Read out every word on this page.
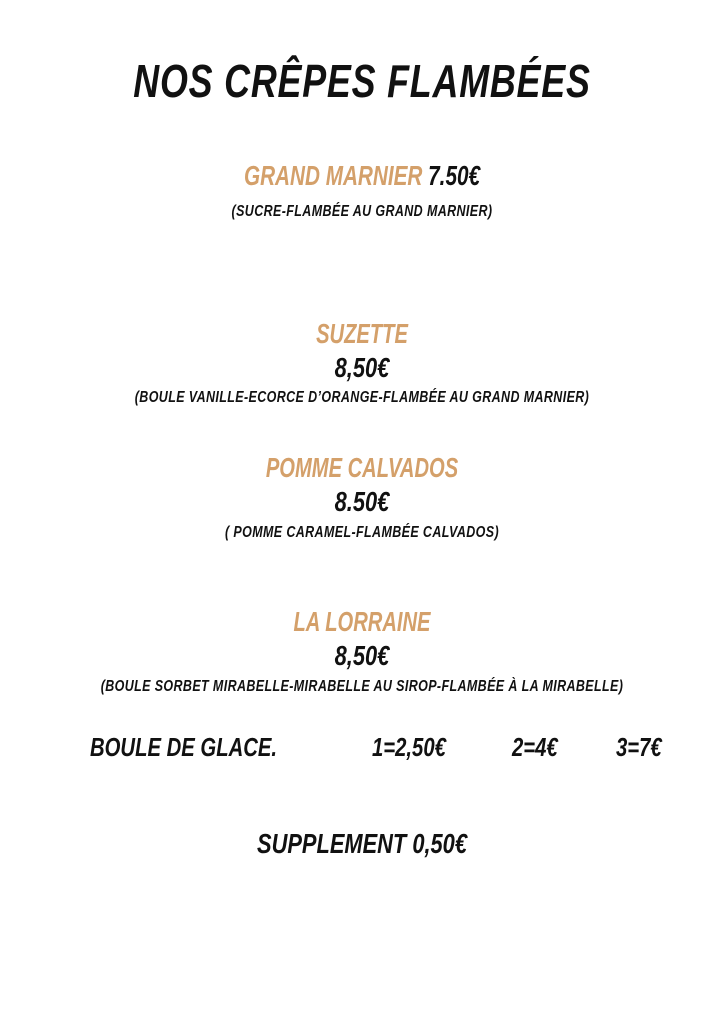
NOS CRÊPES FLAMBÉES
GRAND MARNIER 7.50€
(SUCRE-FLAMBÉE AU GRAND MARNIER)
SUZETTE
8,50€
(BOULE VANILLE-ECORCE D’ORANGE-FLAMBÉE AU GRAND MARNIER)
POMME CALVADOS
8.50€
( POMME CARAMEL-FLAMBÉE CALVADOS)
LA LORRAINE
8,50€
(BOULE SORBET MIRABELLE-MIRABELLE AU SIROP-FLAMBÉE À LA MIRABELLE)
BOULE DE GLACE.	1=2,50€	2=4€ 3=7€
SUPPLEMENT 0,50€
